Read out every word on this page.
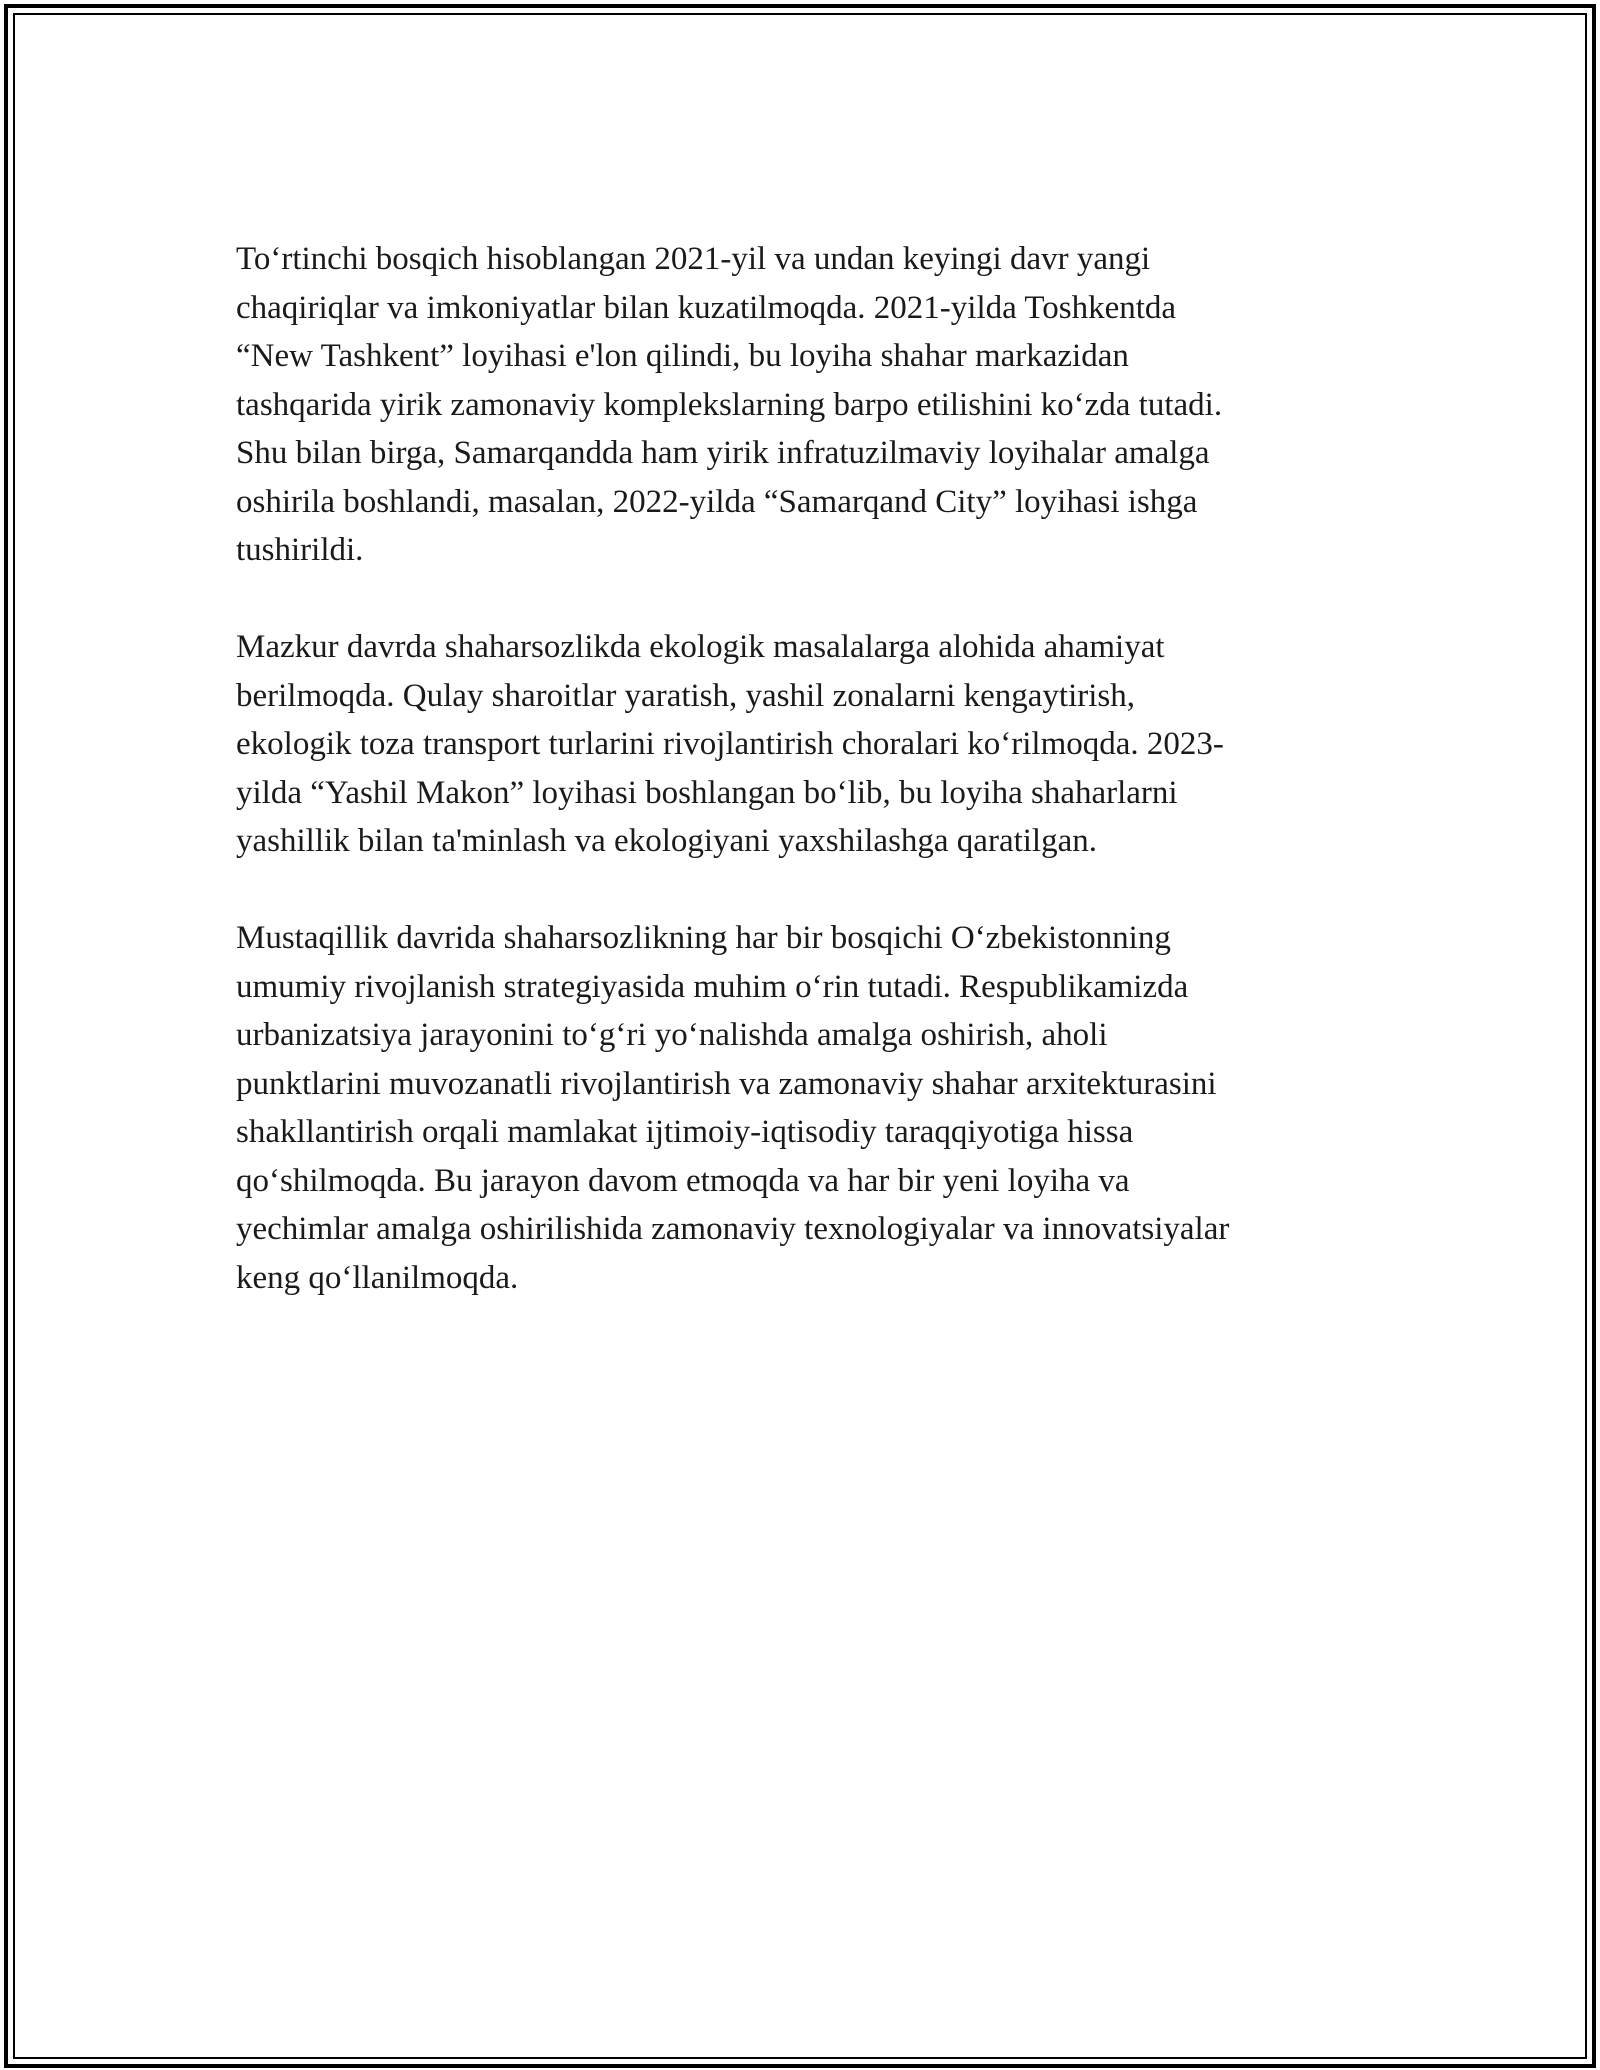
To‘rtinchi bosqich hisoblangan 2021-yil va undan keyingi davr yangi
chaqiriqlar va imkoniyatlar bilan kuzatilmoqda. 2021-yilda Toshkentda
“New Tashkent” loyihasi e'lon qilindi, bu loyiha shahar markazidan
tashqarida yirik zamonaviy komplekslarning barpo etilishini ko‘zda tutadi.
Shu bilan birga, Samarqandda ham yirik infratuzilmaviy loyihalar amalga
oshirila boshlandi, masalan, 2022-yilda “Samarqand City” loyihasi ishga
tushirildi.

Mazkur davrda shaharsozlikda ekologik masalalarga alohida ahamiyat
berilmoqda. Qulay sharoitlar yaratish, yashil zonalarni kengaytirish,
ekologik toza transport turlarini rivojlantirish choralari ko‘rilmoqda. 2023-
yilda “Yashil Makon” loyihasi boshlangan bo‘lib, bu loyiha shaharlarni
yashillik bilan ta'minlash va ekologiyani yaxshilashga qaratilgan.

Mustaqillik davrida shaharsozlikning har bir bosqichi O‘zbekistonning
umumiy rivojlanish strategiyasida muhim o‘rin tutadi. Respublikamizda
urbanizatsiya jarayonini to‘g‘ri yo‘nalishda amalga oshirish, aholi
punktlarini muvozanatli rivojlantirish va zamonaviy shahar arxitekturasini
shakllantirish orqali mamlakat ijtimoiy-iqtisodiy taraqqiyotiga hissa
qo‘shilmoqda. Bu jarayon davom etmoqda va har bir yeni loyiha va
yechimlar amalga oshirilishida zamonaviy texnologiyalar va innovatsiyalar
keng qo‘llanilmoqda.
